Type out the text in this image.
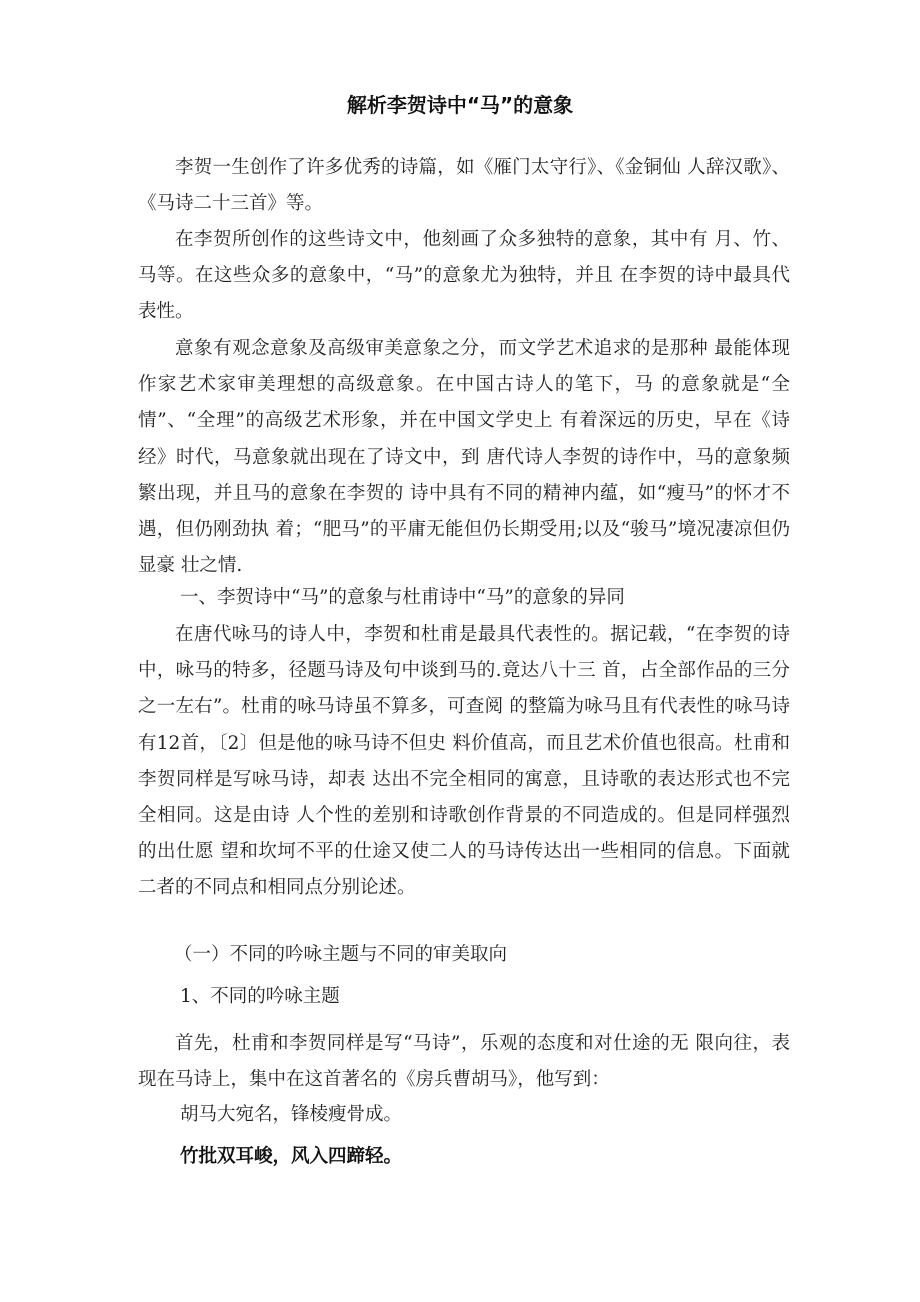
解析李贺诗中“马”的意象

李贺一生创作了许多优秀的诗篇，如《雁门太守行》、《金铜仙 人辞汉歌》、《马诗二十三首》等。

在李贺所创作的这些诗文中，他刻画了众多独特的意象，其中有 月、竹、马等。在这些众多的意象中，“马”的意象尤为独特，并且 在李贺的诗中最具代表性。

意象有观念意象及高级审美意象之分，而文学艺术追求的是那种 最能体现作家艺术家审美理想的高级意象。在中国古诗人的笔下，马 的意象就是“全情”、“全理”的高级艺术形象，并在中国文学史上 有着深远的历史，早在《诗经》时代，马意象就出现在了诗文中，到 唐代诗人李贺的诗作中，马的意象频繁出现，并且马的意象在李贺的 诗中具有不同的精神内蕴，如“瘦马”的怀才不遇，但仍刚劲执 着；“肥马”的平庸无能但仍长期受用;以及“骏马”境况凄凉但仍显豪 壮之情.

一、李贺诗中“马”的意象与杜甫诗中“马”的意象的异同

在唐代咏马的诗人中，李贺和杜甫是最具代表性的。据记载，“在李贺的诗中，咏马的特多，径题马诗及句中谈到马的.竟达八十三 首，占全部作品的三分之一左右”。杜甫的咏马诗虽不算多，可查阅 的整篇为咏马且有代表性的咏马诗有12首，〔2〕但是他的咏马诗不但史 料价值高，而且艺术价值也很高。杜甫和李贺同样是写咏马诗，却表 达出不完全相同的寓意，且诗歌的表达形式也不完全相同。这是由诗 人个性的差别和诗歌创作背景的不同造成的。但是同样强烈的出仕愿 望和坎坷不平的仕途又使二人的马诗传达出一些相同的信息。下面就 二者的不同点和相同点分别论述。

（一）不同的吟咏主题与不同的审美取向

1、不同的吟咏主题

首先，杜甫和李贺同样是写“马诗”，乐观的态度和对仕途的无 限向往，表现在马诗上，集中在这首著名的《房兵曹胡马》，他写到：

胡马大宛名，锋棱瘦骨成。

竹批双耳峻，风入四蹄轻。
